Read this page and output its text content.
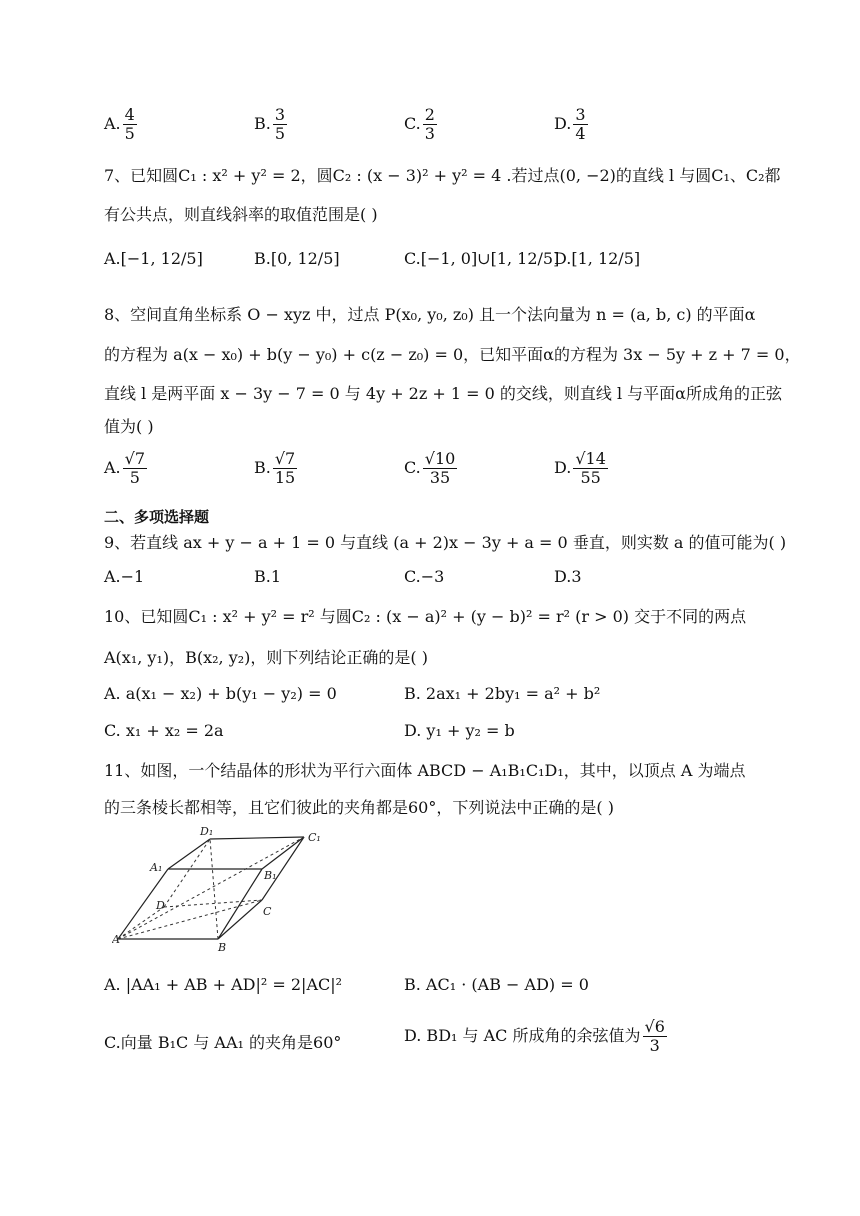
A. $\frac{4}{5}$	B. $\frac{3}{5}$	C. $\frac{2}{3}$	D. $\frac{3}{4}$
7、已知圆C₁ : x² + y² = 2，圆C₂ : (x − 3)² + y² = 4 .若过点(0, −2)的直线 l 与圆C₁、C₂都
有公共点，则直线斜率的取值范围是( )
A.[−1, 12/5]	B.[0, 12/5]	C.[−1, 0]∪[1, 12/5]
D.[1, 12/5]
8、空间直角坐标系 O − xyz 中，过点 P(x₀, y₀, z₀) 且一个法向量为 n = (a, b, c) 的平面α
的方程为 a(x − x₀) + b(y − y₀) + c(z − z₀) = 0，已知平面α的方程为 3x − 5y + z + 7 = 0，
直线 l 是两平面 x − 3y − 7 = 0 与 4y + 2z + 1 = 0 的交线，则直线 l 与平面α所成角的正弦
值为( )
A. $\frac{√7}{5}$	B. $\frac{√7}{15}$	C. $\frac{√10}{35}$	D. $\frac{√14}{55}$
二、多项选择题
9、若直线 ax + y − a + 1 = 0 与直线 (a + 2)x − 3y + a = 0 垂直，则实数 a 的值可能为( )
A.−1	B.1	C.−3	D.3
10、已知圆C₁ : x² + y² = r² 与圆C₂ : (x − a)² + (y − b)² = r² (r > 0) 交于不同的两点
A(x₁, y₁)，B(x₂, y₂)，则下列结论正确的是( )
A. a(x₁ − x₂) + b(y₁ − y₂) = 0	B. 2ax₁ + 2by₁ = a² + b²
C. x₁ + x₂ = 2a	D. y₁ + y₂ = b
11、如图，一个结晶体的形状为平行六面体 ABCD − A₁B₁C₁D₁，其中，以顶点 A 为端点
的三条棱长都相等，且它们彼此的夹角都是60°，下列说法中正确的是( )
A
B
C
D
A₁
B₁
C₁
D₁
A. |AA₁ + AB + AD|² = 2|AC|²	B. AC₁ · (AB − AD) = 0
C.向量 B₁C 与 AA₁ 的夹角是60°	D. BD₁ 与 AC 所成角的余弦值为 $\frac{√6}{3}$
